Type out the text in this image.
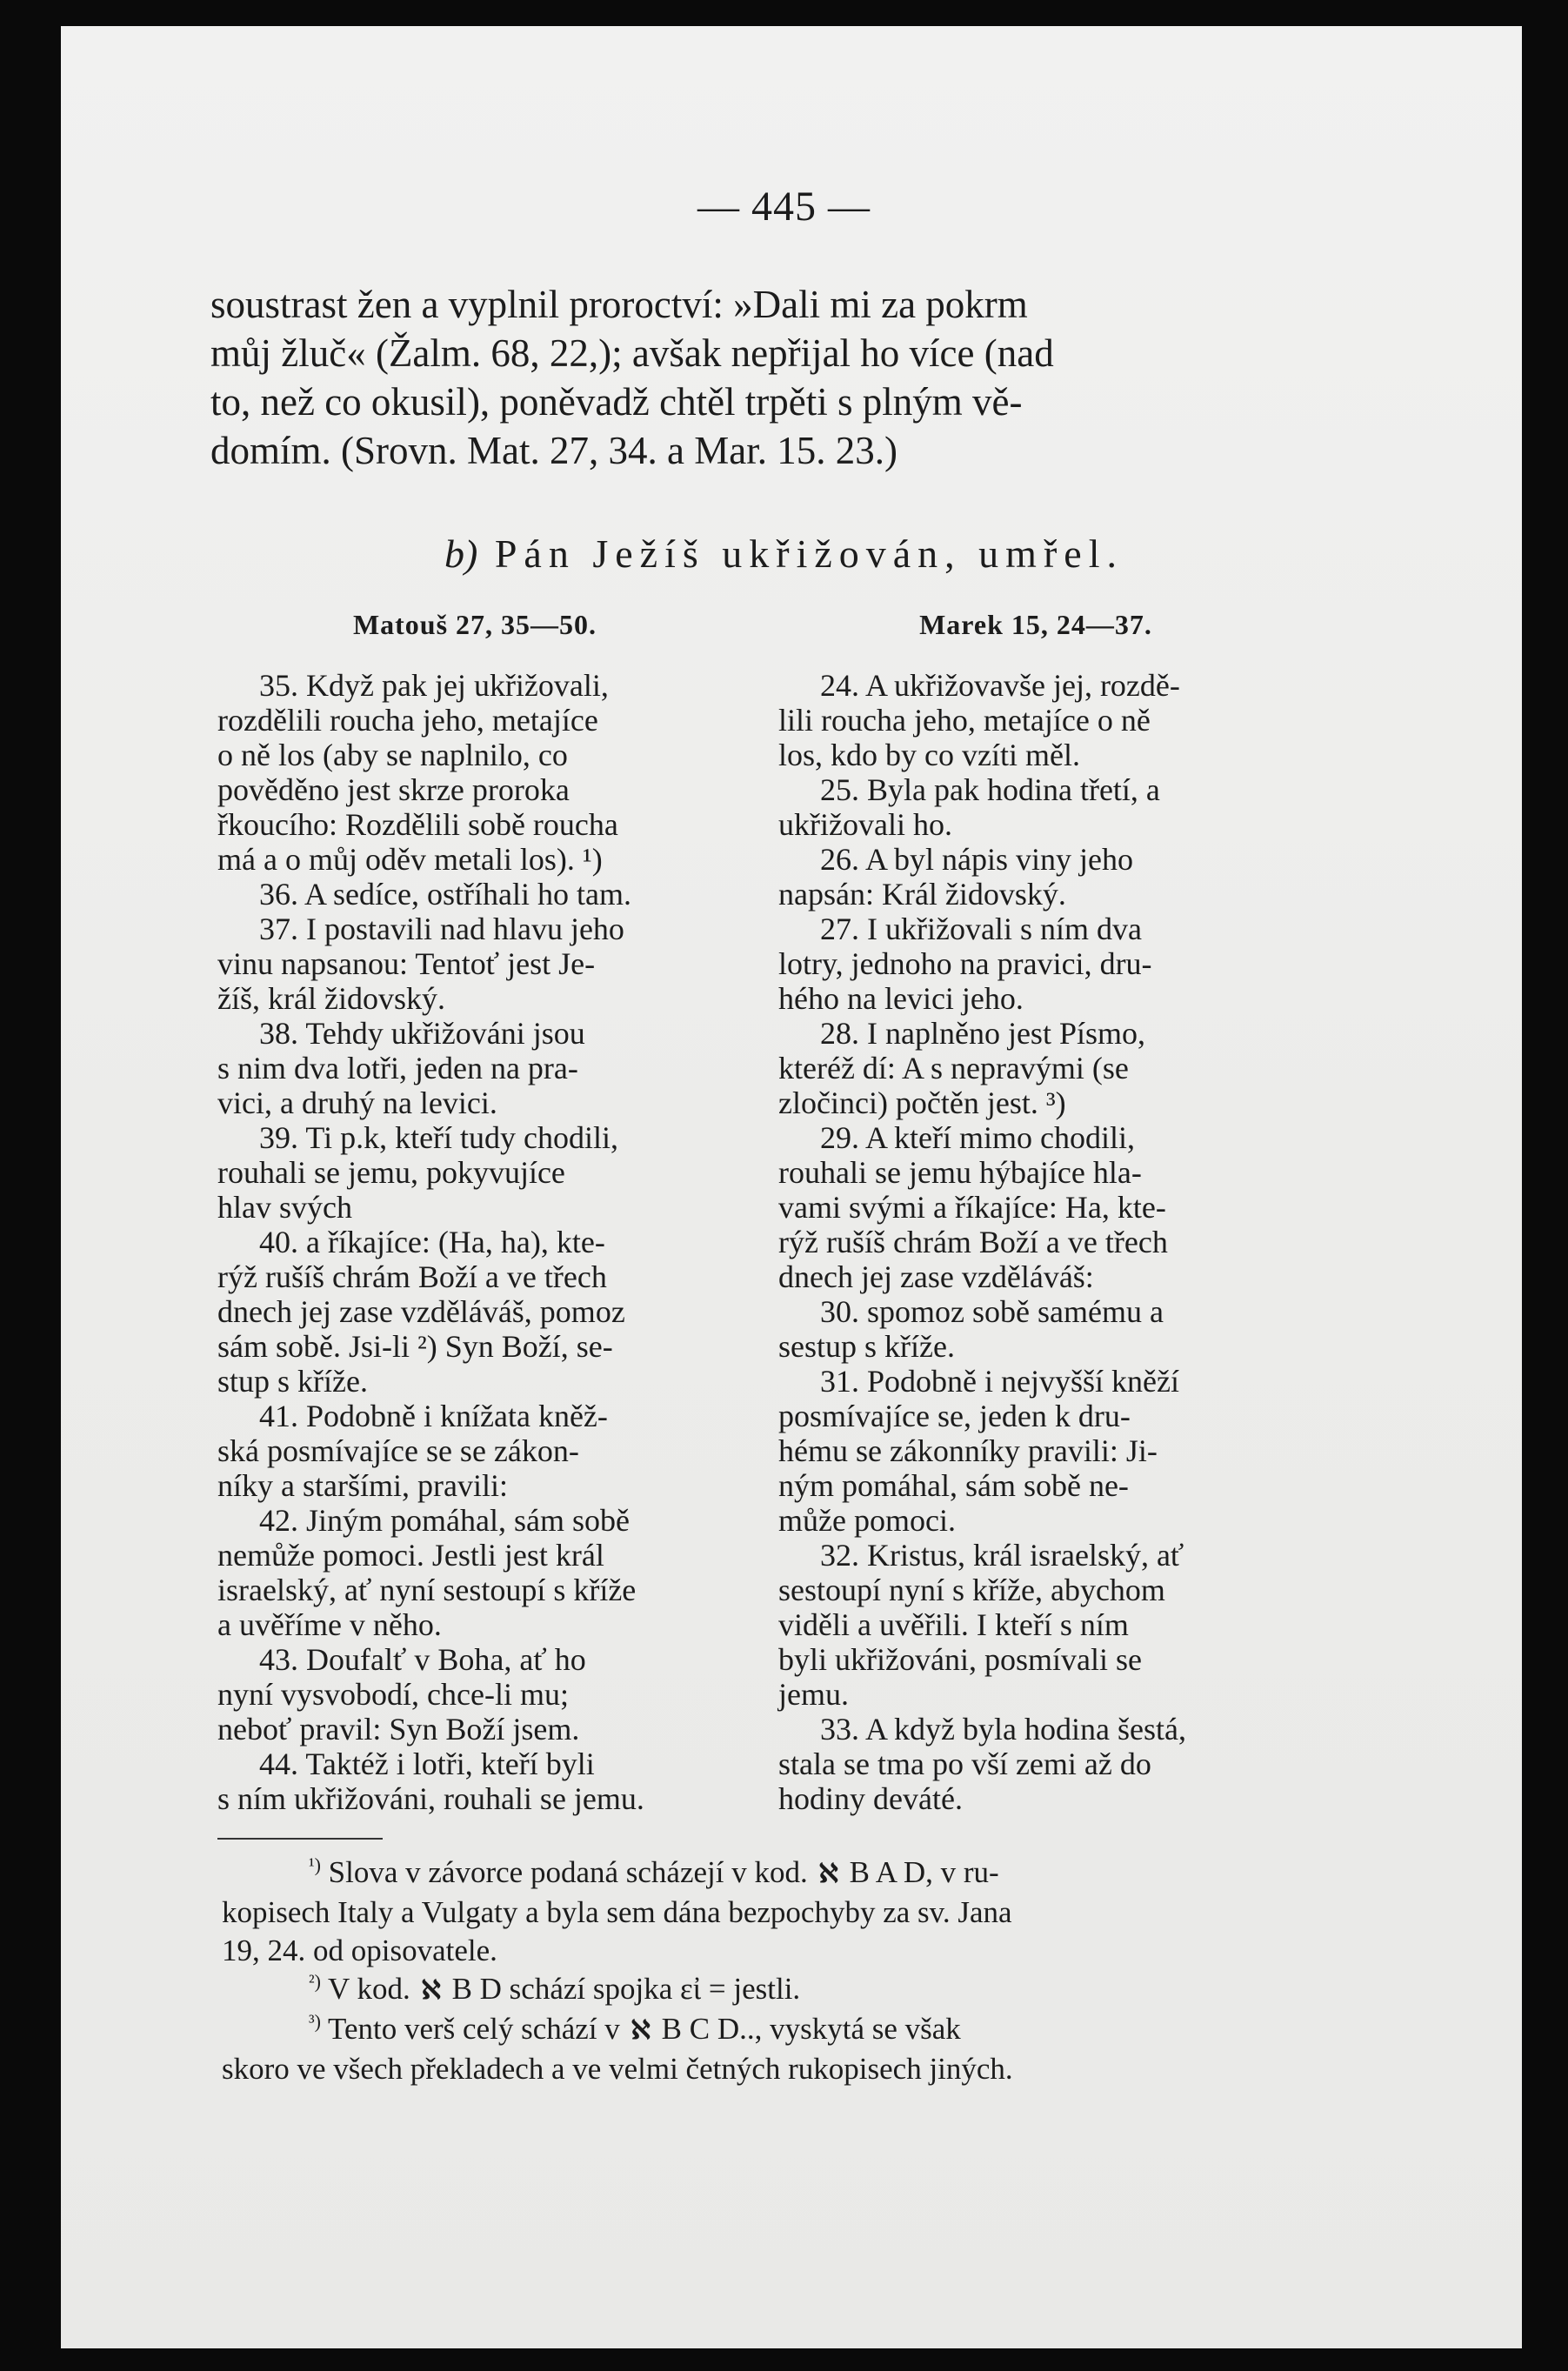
— 445 —
soustrast žen a vyplnil proroctví: »Dali mi za pokrm
můj žluč« (Žalm. 68, 22,); avšak nepřijal ho více (nad
to, než co okusil), poněvadž chtěl trpěti s plným vě-
domím. (Srovn. Mat. 27, 34. a Mar. 15. 23.)
b) Pán Ježíš ukřižován, umřel.
Matouš 27, 35—50.
35. Když pak jej ukřižovali,
rozdělili roucha jeho, metajíce
o ně los (aby se naplnilo, co
pověděno jest skrze proroka
řkoucího: Rozdělili sobě roucha
má a o můj oděv metali los). ¹)
36. A sedíce, ostříhali ho tam.
37. I postavili nad hlavu jeho
vinu napsanou: Tentoť jest Je-
žíš, král židovský.
38. Tehdy ukřižováni jsou
s nim dva lotři, jeden na pra-
vici, a druhý na levici.
39. Ti p.k, kteří tudy chodili,
rouhali se jemu, pokyvujíce
hlav svých
40. a říkajíce: (Ha, ha), kte-
rýž rušíš chrám Boží a ve třech
dnech jej zase vzděláváš, pomoz
sám sobě. Jsi-li ²) Syn Boží, se-
stup s kříže.
41. Podobně i knížata kněž-
ská posmívajíce se se zákon-
níky a staršími, pravili:
42. Jiným pomáhal, sám sobě
nemůže pomoci. Jestli jest král
israelský, ať nyní sestoupí s kříže
a uvěříme v něho.
43. Doufalť v Boha, ať ho
nyní vysvobodí, chce-li mu;
neboť pravil: Syn Boží jsem.
44. Taktéž i lotři, kteří byli
s ním ukřižováni, rouhali se jemu.
Marek 15, 24—37.
24. A ukřižovavše jej, rozdě-
lili roucha jeho, metajíce o ně
los, kdo by co vzíti měl.
25. Byla pak hodina třetí, a
ukřižovali ho.
26. A byl nápis viny jeho
napsán: Král židovský.
27. I ukřižovali s ním dva
lotry, jednoho na pravici, dru-
hého na levici jeho.
28. I naplněno jest Písmo,
kteréž dí: A s nepravými (se
zločinci) počtěn jest. ³)
29. A kteří mimo chodili,
rouhali se jemu hýbajíce hla-
vami svými a říkajíce: Ha, kte-
rýž rušíš chrám Boží a ve třech
dnech jej zase vzděláváš:
30. spomoz sobě samému a
sestup s kříže.
31. Podobně i nejvyšší kněží
posmívajíce se, jeden k dru-
hému se zákonníky pravili: Ji-
ným pomáhal, sám sobě ne-
může pomoci.
32. Kristus, král israelský, ať
sestoupí nyní s kříže, abychom
viděli a uvěřili. I kteří s ním
byli ukřižováni, posmívali se
jemu.
33. A když byla hodina šestá,
stala se tma po vší zemi až do
hodiny deváté.
$^{^1)}$ Slova v závorce podaná scházejí v kod. ℵ B A D, v ru-
kopisech Italy a Vulgaty a byla sem dána bezpochyby za sv. Jana
19, 24. od opisovatele.
$^{^2)}$ V kod. ℵ B D schází spojka εἰ = jestli.
$^{^3)}$ Tento verš celý schází v ℵ B C D.., vyskytá se však
skoro ve všech překladech a ve velmi četných rukopisech jiných.
